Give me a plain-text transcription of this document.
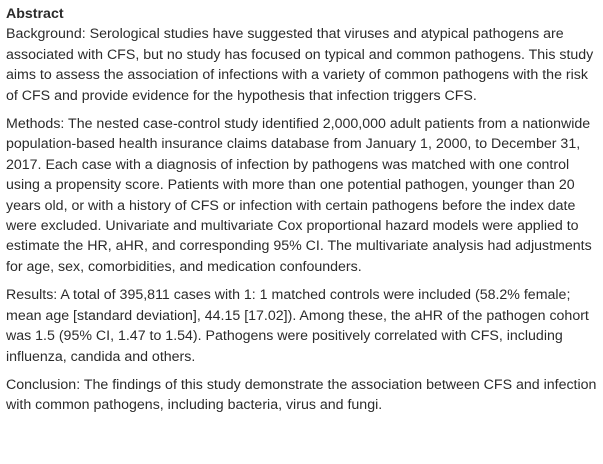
Abstract

Background: Serological studies have suggested that viruses and atypical pathogens are associated with CFS, but no study has focused on typical and common pathogens. This study aims to assess the association of infections with a variety of common pathogens with the risk of CFS and provide evidence for the hypothesis that infection triggers CFS.

Methods: The nested case-control study identified 2,000,000 adult patients from a nationwide population-based health insurance claims database from January 1, 2000, to December 31, 2017. Each case with a diagnosis of infection by pathogens was matched with one control using a propensity score. Patients with more than one potential pathogen, younger than 20 years old, or with a history of CFS or infection with certain pathogens before the index date were excluded. Univariate and multivariate Cox proportional hazard models were applied to estimate the HR, aHR, and corresponding 95% CI. The multivariate analysis had adjustments for age, sex, comorbidities, and medication confounders.

Results: A total of 395,811 cases with 1: 1 matched controls were included (58.2% female; mean age [standard deviation], 44.15 [17.02]). Among these, the aHR of the pathogen cohort was 1.5 (95% CI, 1.47 to 1.54). Pathogens were positively correlated with CFS, including influenza, candida and others.

Conclusion: The findings of this study demonstrate the association between CFS and infection with common pathogens, including bacteria, virus and fungi.
